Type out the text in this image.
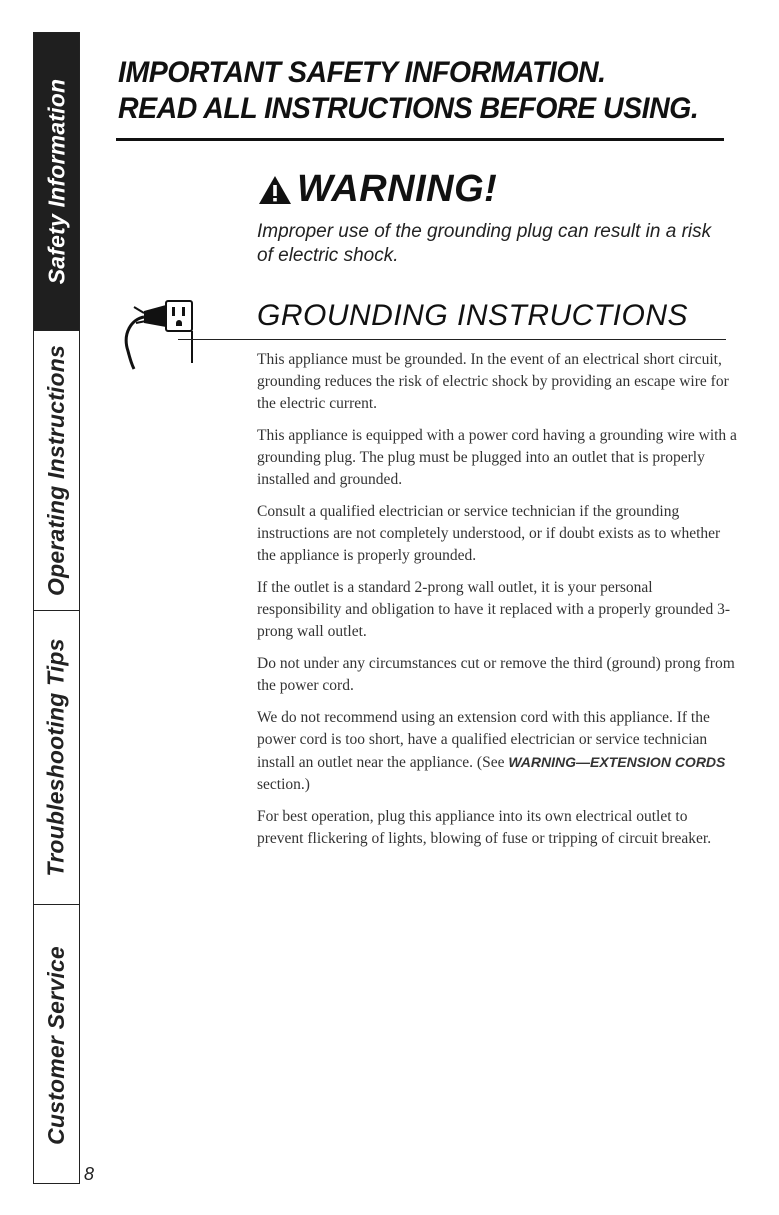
Safety Information
Operating Instructions
Troubleshooting Tips
Customer Service
IMPORTANT SAFETY INFORMATION.
READ ALL INSTRUCTIONS BEFORE USING.
WARNING!
Improper use of the grounding plug can result in a risk of electric shock.
GROUNDING INSTRUCTIONS

This appliance must be grounded. In the event of an electrical short circuit, grounding reduces the risk of electric shock by providing an escape wire for the electric current.

This appliance is equipped with a power cord having a grounding wire with a grounding plug. The plug must be plugged into an outlet that is properly installed and grounded.

Consult a qualified electrician or service technician if the grounding instructions are not completely understood, or if doubt exists as to whether the appliance is properly grounded.

If the outlet is a standard 2-prong wall outlet, it is your personal responsibility and obligation to have it replaced with a properly grounded 3-prong wall outlet.

Do not under any circumstances cut or remove the third (ground) prong from the power cord.

We do not recommend using an extension cord with this appliance. If the power cord is too short, have a qualified electrician or service technician install an outlet near the appliance. (See WARNING—EXTENSION CORDS section.)

For best operation, plug this appliance into its own electrical outlet to prevent flickering of lights, blowing of fuse or tripping of circuit breaker.

8
